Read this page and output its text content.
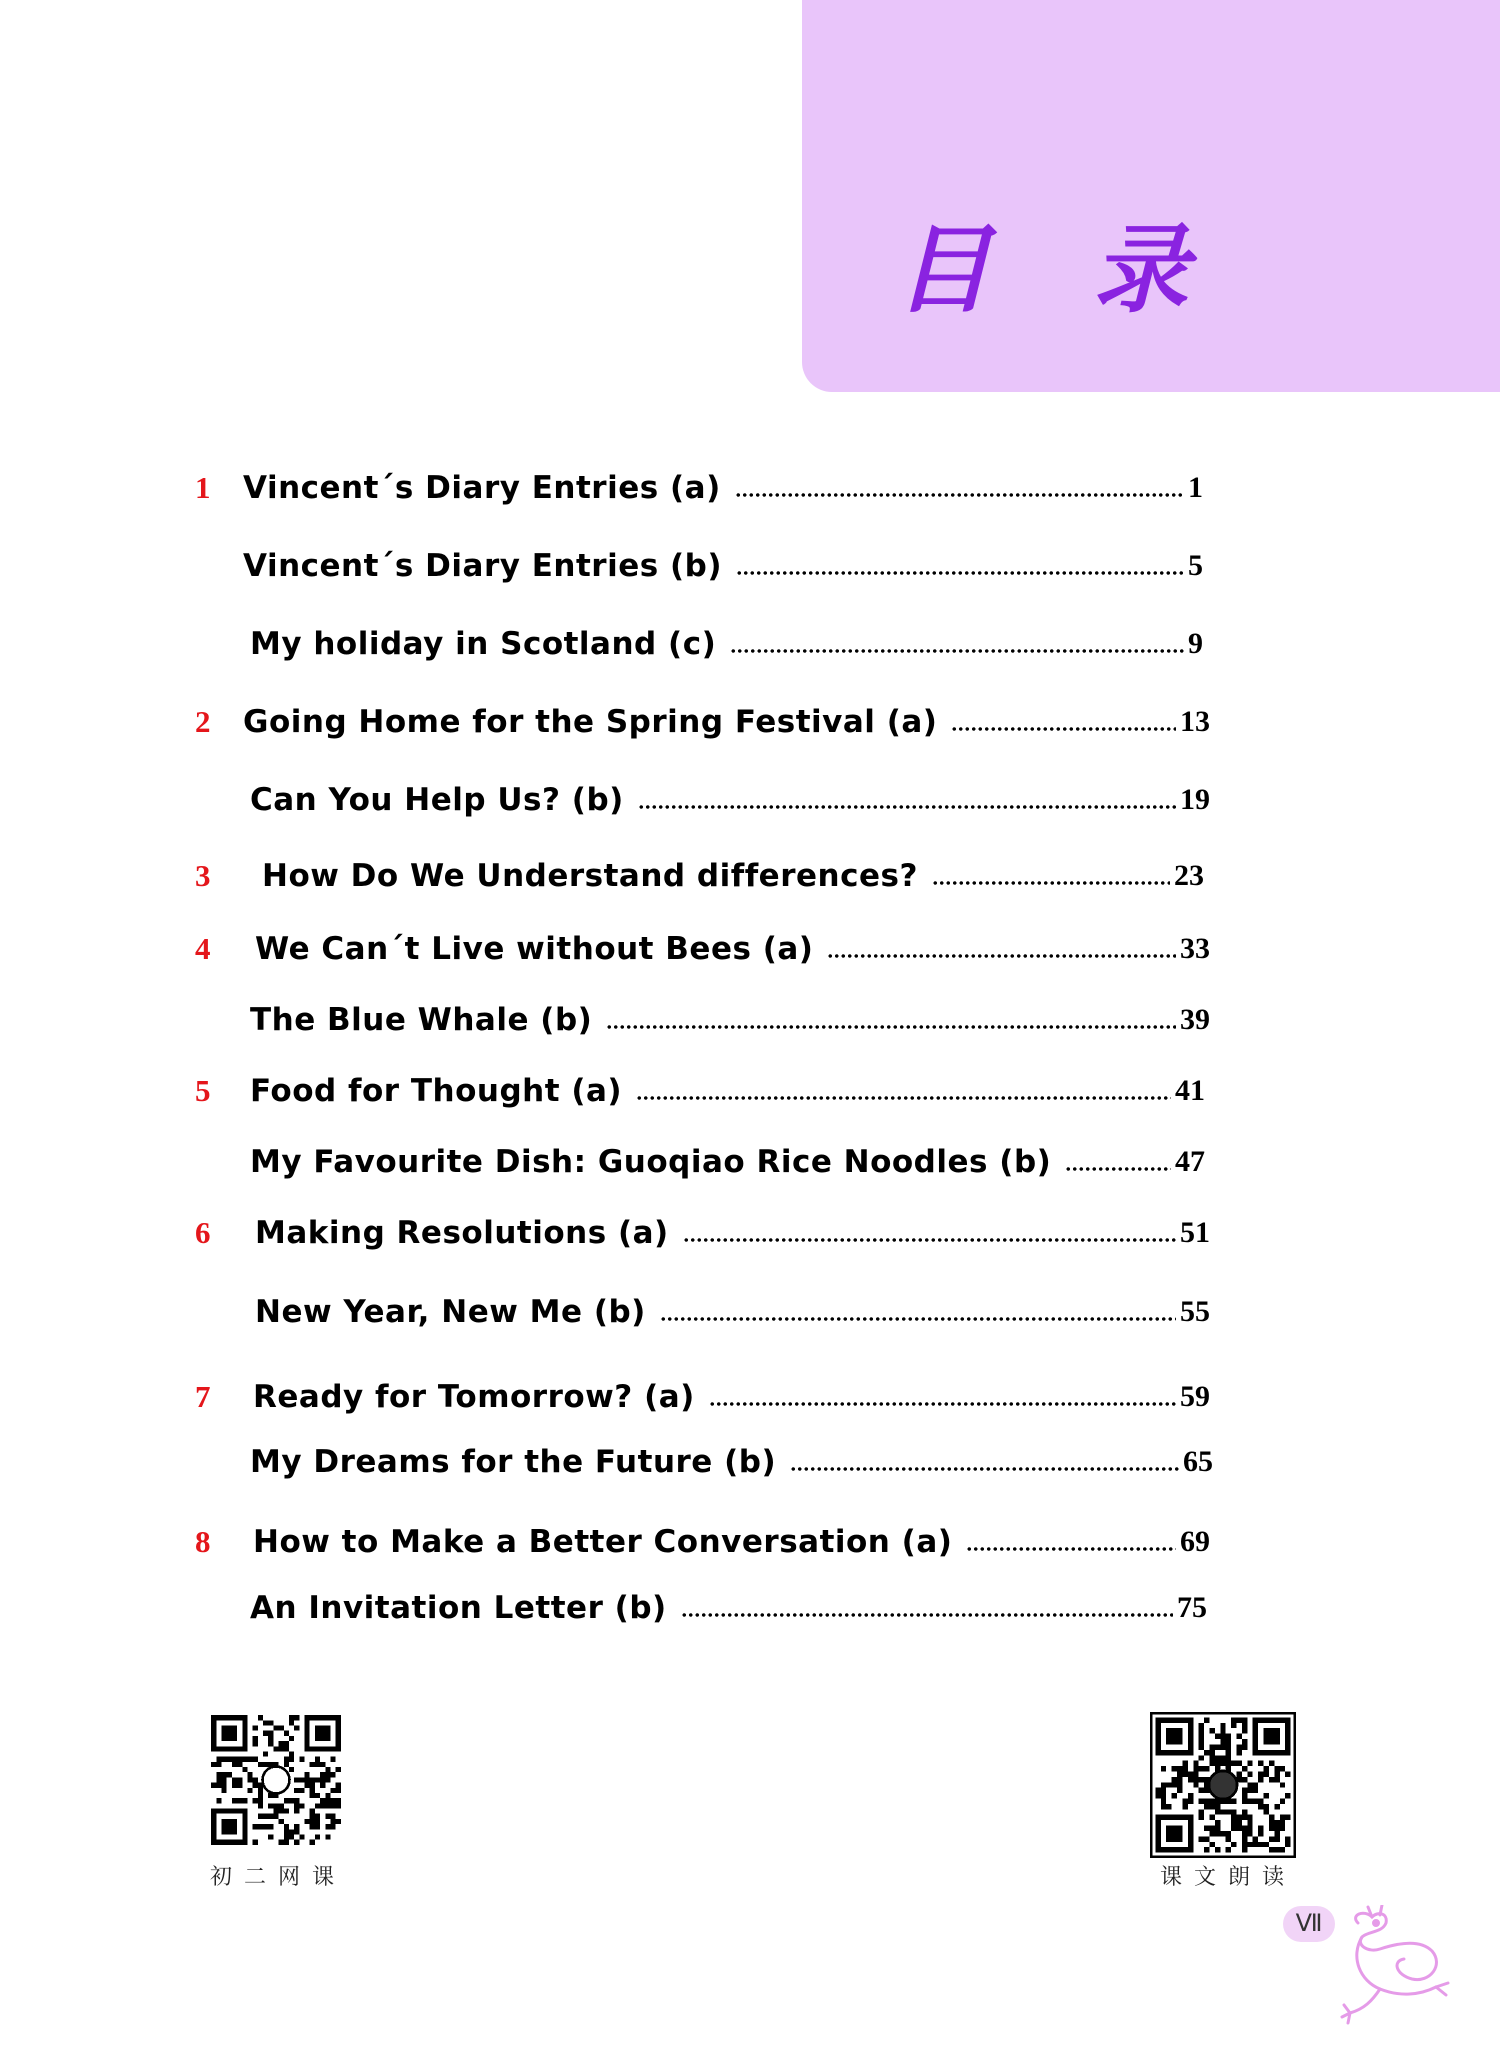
目 录
1	Vincent´s Diary Entries (a)	1
Vincent´s Diary Entries (b)	5
My holiday in Scotland (c)	9
2	Going Home for the Spring Festival (a)	13
Can You Help Us? (b)	19
3	How Do We Understand differences?	23
4	We Can´t Live without Bees (a)	33
The Blue Whale (b)	39
5	Food for Thought (a)	41
My Favourite Dish: Guoqiao Rice Noodles (b)	47
6	Making Resolutions (a)	51
New Year, New Me (b)	55
7	Ready for Tomorrow? (a)	59
My Dreams for the Future (b)	65
8	How to Make a Better Conversation (a)	69
An Invitation Letter (b)	75
初二网课	课文朗读
Ⅶ
